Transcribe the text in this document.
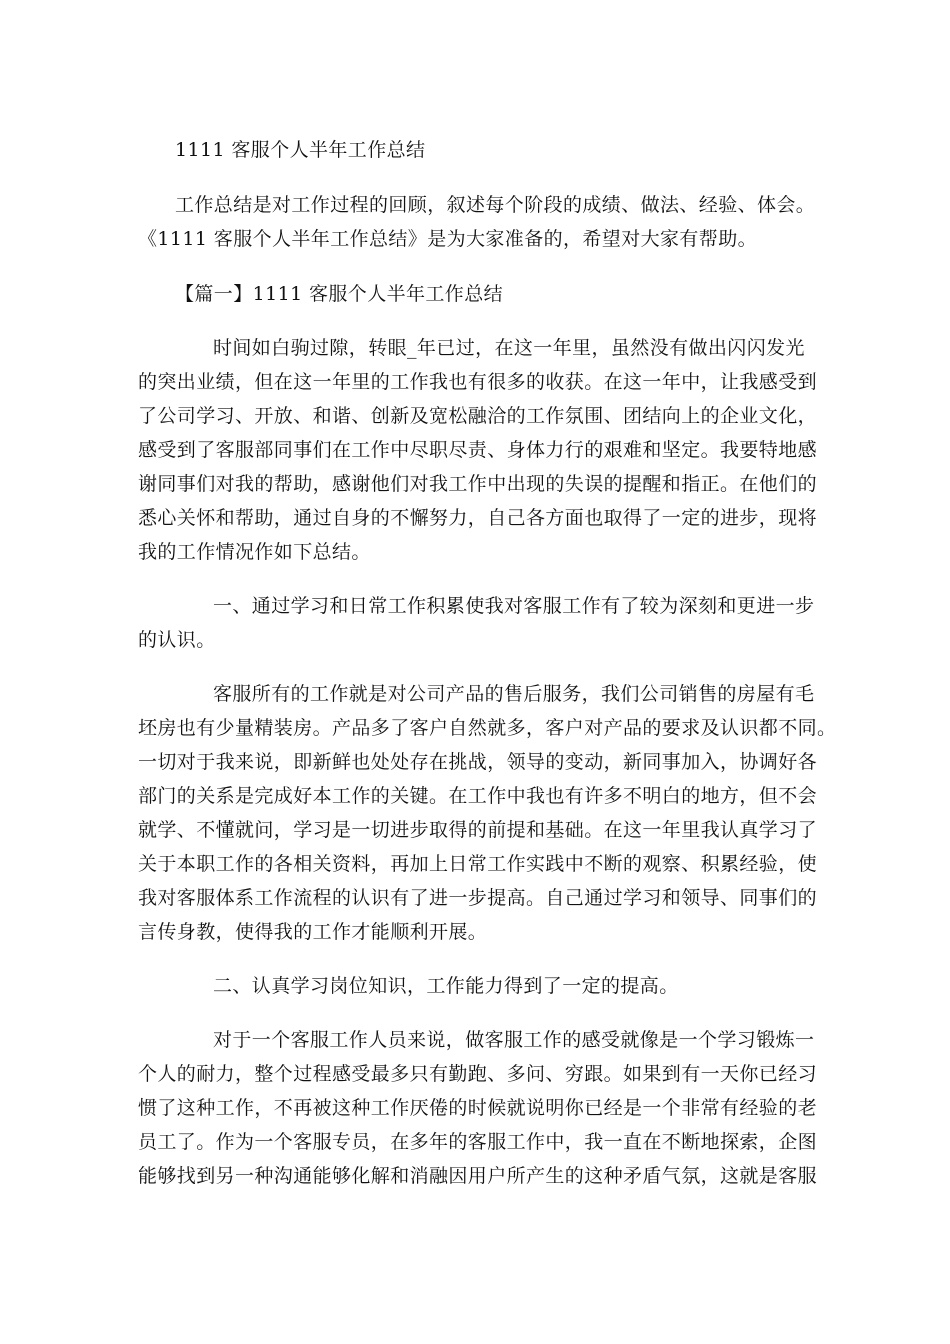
1111 客服个人半年工作总结
工作总结是对工作过程的回顾，叙述每个阶段的成绩、做法、经验、体会。
《1111 客服个人半年工作总结》是为大家准备的，希望对大家有帮助。
【篇一】1111 客服个人半年工作总结
时间如白驹过隙，转眼_年已过，在这一年里，虽然没有做出闪闪发光
的突出业绩，但在这一年里的工作我也有很多的收获。在这一年中，让我感受到
了公司学习、开放、和谐、创新及宽松融洽的工作氛围、团结向上的企业文化，
感受到了客服部同事们在工作中尽职尽责、身体力行的艰难和坚定。我要特地感
谢同事们对我的帮助，感谢他们对我工作中出现的失误的提醒和指正。在他们的
悉心关怀和帮助，通过自身的不懈努力，自己各方面也取得了一定的进步，现将
我的工作情况作如下总结。
一、通过学习和日常工作积累使我对客服工作有了较为深刻和更进一步
的认识。
客服所有的工作就是对公司产品的售后服务，我们公司销售的房屋有毛
坯房也有少量精装房。产品多了客户自然就多，客户对产品的要求及认识都不同。
一切对于我来说，即新鲜也处处存在挑战，领导的变动，新同事加入，协调好各
部门的关系是完成好本工作的关键。在工作中我也有许多不明白的地方，但不会
就学、不懂就问，学习是一切进步取得的前提和基础。在这一年里我认真学习了
关于本职工作的各相关资料，再加上日常工作实践中不断的观察、积累经验，使
我对客服体系工作流程的认识有了进一步提高。自己通过学习和领导、同事们的
言传身教，使得我的工作才能顺利开展。
二、认真学习岗位知识，工作能力得到了一定的提高。
对于一个客服工作人员来说，做客服工作的感受就像是一个学习锻炼一
个人的耐力，整个过程感受最多只有勤跑、多问、穷跟。如果到有一天你已经习
惯了这种工作，不再被这种工作厌倦的时候就说明你已经是一个非常有经验的老
员工了。作为一个客服专员，在多年的客服工作中，我一直在不断地探索，企图
能够找到另一种沟通能够化解和消融因用户所产生的这种矛盾气氛，这就是客服
